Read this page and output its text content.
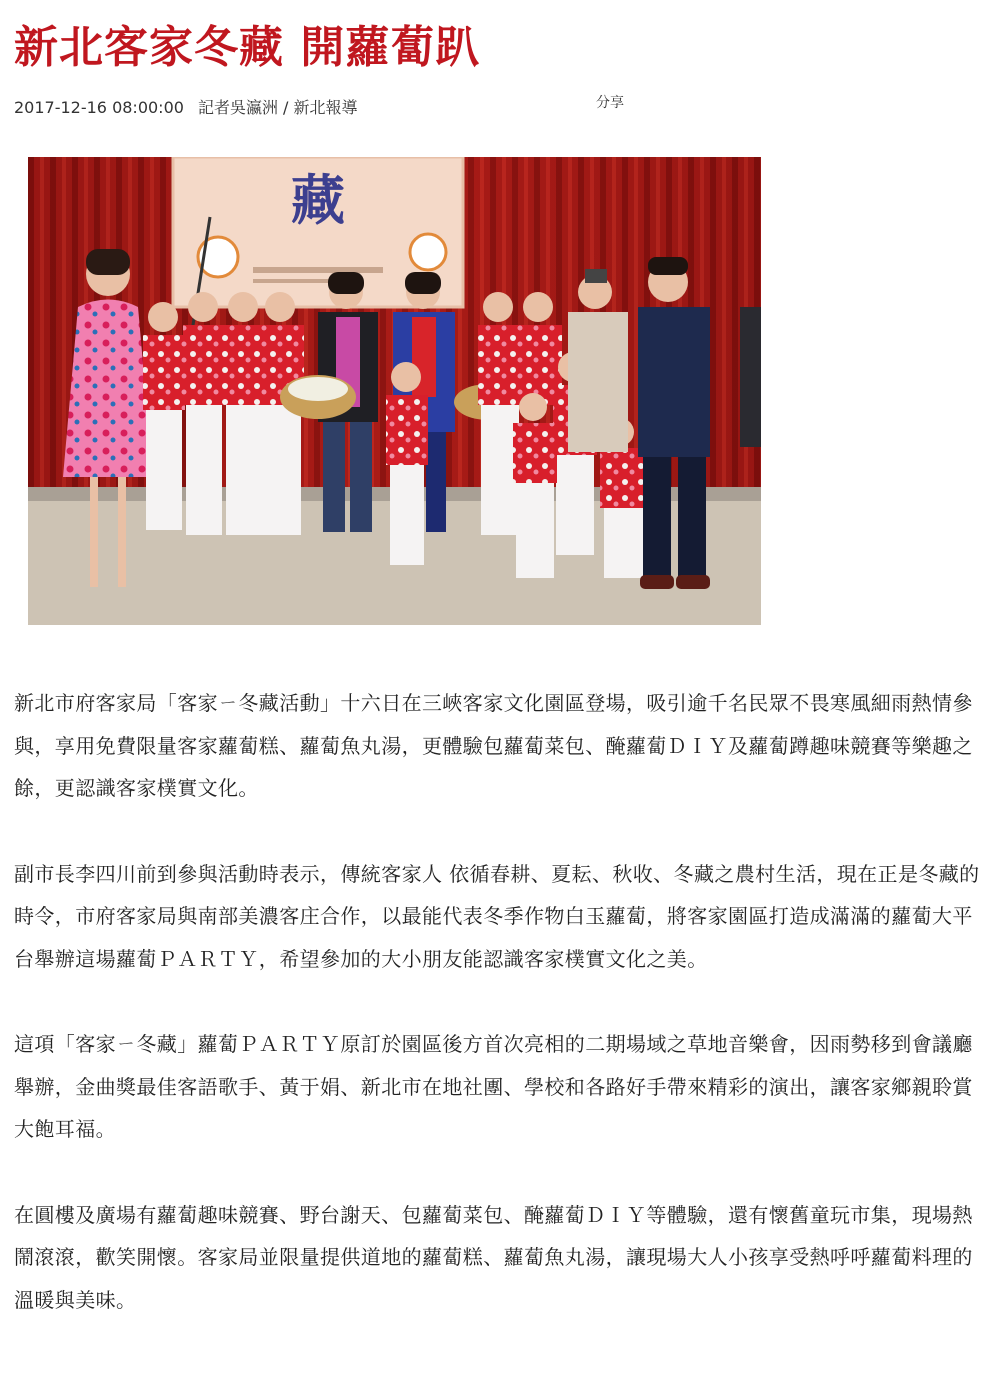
新北客家冬藏 開蘿蔔趴
2017-12-16 08:00:00 記者吳瀛洲 / 新北報導	分享
藏

新北市府客家局「客家ㄧ冬藏活動」十六日在三峽客家文化園區登場，吸引逾千名民眾不畏寒風細雨熱情參與，享用免費限量客家蘿蔔糕、蘿蔔魚丸湯，更體驗包蘿蔔菜包、醃蘿蔔ＤＩＹ及蘿蔔蹲趣味競賽等樂趣之餘，更認識客家樸實文化。

副市長李四川前到參與活動時表示，傳統客家人 依循春耕、夏耘、秋收、冬藏之農村生活，現在正是冬藏的時令，市府客家局與南部美濃客庄合作，以最能代表冬季作物白玉蘿蔔，將客家園區打造成滿滿的蘿蔔大平台舉辦這場蘿蔔ＰＡＲＴＹ，希望參加的大小朋友能認識客家樸實文化之美。

這項「客家ㄧ冬藏」蘿蔔ＰＡＲＴＹ原訂於園區後方首次亮相的二期場域之草地音樂會，因雨勢移到會議廳舉辦，金曲獎最佳客語歌手、黃于娟、新北市在地社團、學校和各路好手帶來精彩的演出，讓客家鄉親聆賞大飽耳福。

在圓樓及廣場有蘿蔔趣味競賽、野台謝天、包蘿蔔菜包、醃蘿蔔ＤＩＹ等體驗，還有懷舊童玩市集，現場熱鬧滾滾，歡笑開懷。客家局並限量提供道地的蘿蔔糕、蘿蔔魚丸湯，讓現場大人小孩享受熱呼呼蘿蔔料理的溫暖與美味。
